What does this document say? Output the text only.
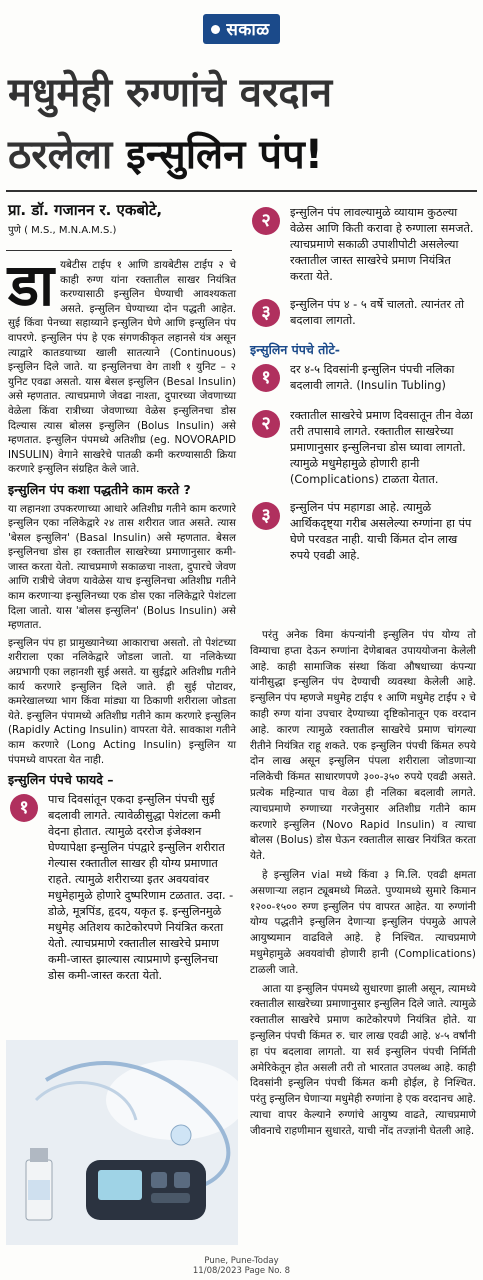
सकाळ
मधुमेही रुग्णांचे वरदान
ठरलेला इन्सुलिन पंप!
प्रा. डॉ. गजानन र. एकबोटे,
पुणे ( M.S., M.N.A.M.S.)

डायबेटीस टाईप १ आणि डायबेटीस टाईप २ चे काही रुग्ण यांना रक्तातील साखर नियंत्रित करण्यासाठी इन्सुलिन घेण्याची आवश्यकता असते. इन्सुलिन घेण्याच्या दोन पद्धती आहेत. सुई किंवा पेनच्या सहाय्याने इन्सुलिन घेणे आणि इन्सुलिन पंप वापरणे. इन्सुलिन पंप हे एक संगणकीकृत लहानसे यंत्र असून त्याद्वारे कातडयाच्या खाली सातत्याने (Continuous) इन्सुलिन दिले जाते. या इन्सुलिनचा वेग ताशी १ युनिट – २ युनिट एवढा असतो. यास बेसल इन्सुलिन (Besal Insulin) असे म्हणतात. त्याचप्रमाणे जेवढा नाश्ता, दुपारच्या जेवणाच्या वेळेला किंवा रात्रीच्या जेवणाच्या वेळेस इन्सुलिनचा डोस दिल्यास त्यास बोलस इन्सुलिन (Bolus Insulin) असे म्हणतात. इन्सुलिन पंपमध्ये अतिशीघ्र (eg. NOVORAPID INSULIN) वेगाने साखरेचे पातळी कमी करण्यासाठी क्रिया करणारे इन्सुलिन संग्रहित केले जाते.

इन्सुलिन पंप कशा पद्धतीने काम करते ?

या लहानशा उपकरणाच्या आधारे अतिशीघ्र गतीने काम करणारे इन्सुलिन एका नलिकेद्वारे २४ तास शरीरात जात असते. त्यास 'बेसल इन्सुलिन' (Basal Insulin) असे म्हणतात. बेसल इन्सुलिनचा डोस हा रक्तातील साखरेच्या प्रमाणानुसार कमी-जास्त करता येतो. त्याचप्रमाणे सकाळचा नाश्ता, दुपारचे जेवण आणि रात्रीचे जेवण यावेळेस याच इन्सुलिनचा अतिशीघ्र गतीने काम करणाऱ्या इन्सुलिनच्या एक डोस एका नलिकेद्वारे पेशंटला दिला जातो. यास 'बोलस इन्सुलिन' (Bolus Insulin) असे म्हणतात.

इन्सुलिन पंप हा प्रामुख्यानेच्या आकाराचा असतो. तो पेशंटच्या शरीराला एका नलिकेद्वारे जोडला जातो. या नलिकेच्या अग्रभागी एका लहानशी सुई असते. या सुईद्वारे अतिशीघ्र गतीने कार्य करणारे इन्सुलिन दिले जाते. ही सुई पोटावर, कमरेखालच्या भाग किंवा मांड्या या ठिकाणी शरीराला जोडता येते. इन्सुलिन पंपामध्ये अतिशीघ्र गतीने काम करणारे इन्सुलिन (Rapidly Acting Insulin) वापरता येते. सावकाश गतीने काम करणारे (Long Acting Insulin) इन्सुलिन या पंपमध्ये वापरता येत नाही.

इन्सुलिन पंपचे फायदे –
१	पाच दिवसांतून एकदा इन्सुलिन पंपची सुई बदलावी लागते. त्यावेळीसुद्धा पेशंटला कमी वेदना होतात. त्यामुळे दररोज इंजेक्शन घेण्यापेक्षा इन्सुलिन पंपद्वारे इन्सुलिन शरीरात गेल्यास रक्तातील साखर ही योग्य प्रमाणात राहते. त्यामुळे शरीराच्या इतर अवयवांवर मधुमेहामुळे होणारे दुष्परिणाम टळतात. उदा. - डोळे, मूत्रपिंड, हृदय, यकृत इ. इन्सुलिनमुळे मधुमेह अतिशय काटेकोरपणे नियंत्रित करता येतो. त्याचप्रमाणे रक्तातील साखरेचे प्रमाण कमी-जास्त झाल्यास त्याप्रमाणे इन्सुलिनचा डोस कमी-जास्त करता येतो.
२	इन्सुलिन पंप लावल्यामुळे व्यायाम कुठल्या वेळेस आणि किती करावा हे रुग्णाला समजते. त्याचप्रमाणे सकाळी उपाशीपोटी असलेल्या रक्तातील जास्त साखरेचे प्रमाण नियंत्रित करता येते.
३	इन्सुलिन पंप ४ - ५ वर्षे चालतो. त्यानंतर तो बदलावा लागतो.
इन्सुलिन पंपचे तोटे-
१	दर ४-५ दिवसांनी इन्सुलिन पंपची नलिका बदलावी लागते. (Insulin Tubling)
२	रक्तातील साखरेचे प्रमाण दिवसातून तीन वेळा तरी तपासावे लागते. रक्तातील साखरेच्या प्रमाणानुसार इन्सुलिनचा डोस घ्यावा लागतो. त्यामुळे मधुमेहामुळे होणारी हानी (Complications) टाळता येतात.
३	इन्सुलिन पंप महागडा आहे. त्यामुळे आर्थिकदृष्ट्या गरीब असलेल्या रुग्णांना हा पंप घेणे परवडत नाही. याची किंमत दोन लाख रुपये एवढी आहे.

परंतु अनेक विमा कंपन्यांनी इन्सुलिन पंप योग्य तो विम्याचा हप्ता देऊन रुग्णांना देणेबाबत उपाययोजना केलेली आहे. काही सामाजिक संस्था किंवा औषधाच्या कंपन्या यांनीसुद्धा इन्सुलिन पंप देण्याची व्यवस्था केलेली आहे. इन्सुलिन पंप म्हणजे मधुमेह टाईप १ आणि मधुमेह टाईप २ चे काही रुग्ण यांना उपचार देण्याच्या दृष्टिकोनातून एक वरदान आहे. कारण त्यामुळे रक्तातील साखरेचे प्रमाण चांगल्या रीतीने नियंत्रित राहू शकते. एक इन्सुलिन पंपची किंमत रुपये दोन लाख असून इन्सुलिन पंपला शरीराला जोडणाऱ्या नलिकेची किंमत साधारणपणे ३००-३५० रुपये एवढी असते. प्रत्येक महिन्यात पाच वेळा ही नलिका बदलावी लागते. त्याचप्रमाणे रुग्णाच्या गरजेनुसार अतिशीघ्र गतीने काम करणारे इन्सुलिन (Novo Rapid Insulin) व त्याचा बोलस (Bolus) डोस घेऊन रक्तातील साखर नियंत्रित करता येते.

हे इन्सुलिन vial मध्ये किंवा ३ मि.लि. एवढी क्षमता असणाऱ्या लहान ट्यूबमध्ये मिळते. पुण्यामध्ये सुमारे किमान १२००-१५०० रुग्ण इन्सुलिन पंप वापरत आहेत. या रुग्णांनी योग्य पद्धतीने इन्सुलिन देणाऱ्या इन्सुलिन पंपमुळे आपले आयुष्यमान वाढविले आहे. हे निश्चित. त्याचप्रमाणे मधुमेहामुळे अवयवांची होणारी हानी (Complications) टाळली जाते.

आता या इन्सुलिन पंपमध्ये सुधारणा झाली असून, त्यामध्ये रक्तातील साखरेच्या प्रमाणानुसार इन्सुलिन दिले जाते. त्यामुळे रक्तातील साखरेचे प्रमाण काटेकोरपणे नियंत्रित होते. या इन्सुलिन पंपची किंमत रु. चार लाख एवढी आहे. ४-५ वर्षांनी हा पंप बदलावा लागतो. या सर्व इन्सुलिन पंपची निर्मिती अमेरिकेतून होत असली तरी तो भारतात उपलब्ध आहे. काही दिवसांनी इन्सुलिन पंपची किंमत कमी होईल, हे निश्चित. परंतु इन्सुलिन घेणाऱ्या मधुमेही रुग्णांना हे एक वरदानच आहे. त्याचा वापर केल्याने रुग्णांचे आयुष्य वाढते, त्याचप्रमाणे जीवनाचे राहणीमान सुधारते, याची नोंद तज्ज्ञांनी घेतली आहे.

Pune, Pune-Today
11/08/2023 Page No. 8
